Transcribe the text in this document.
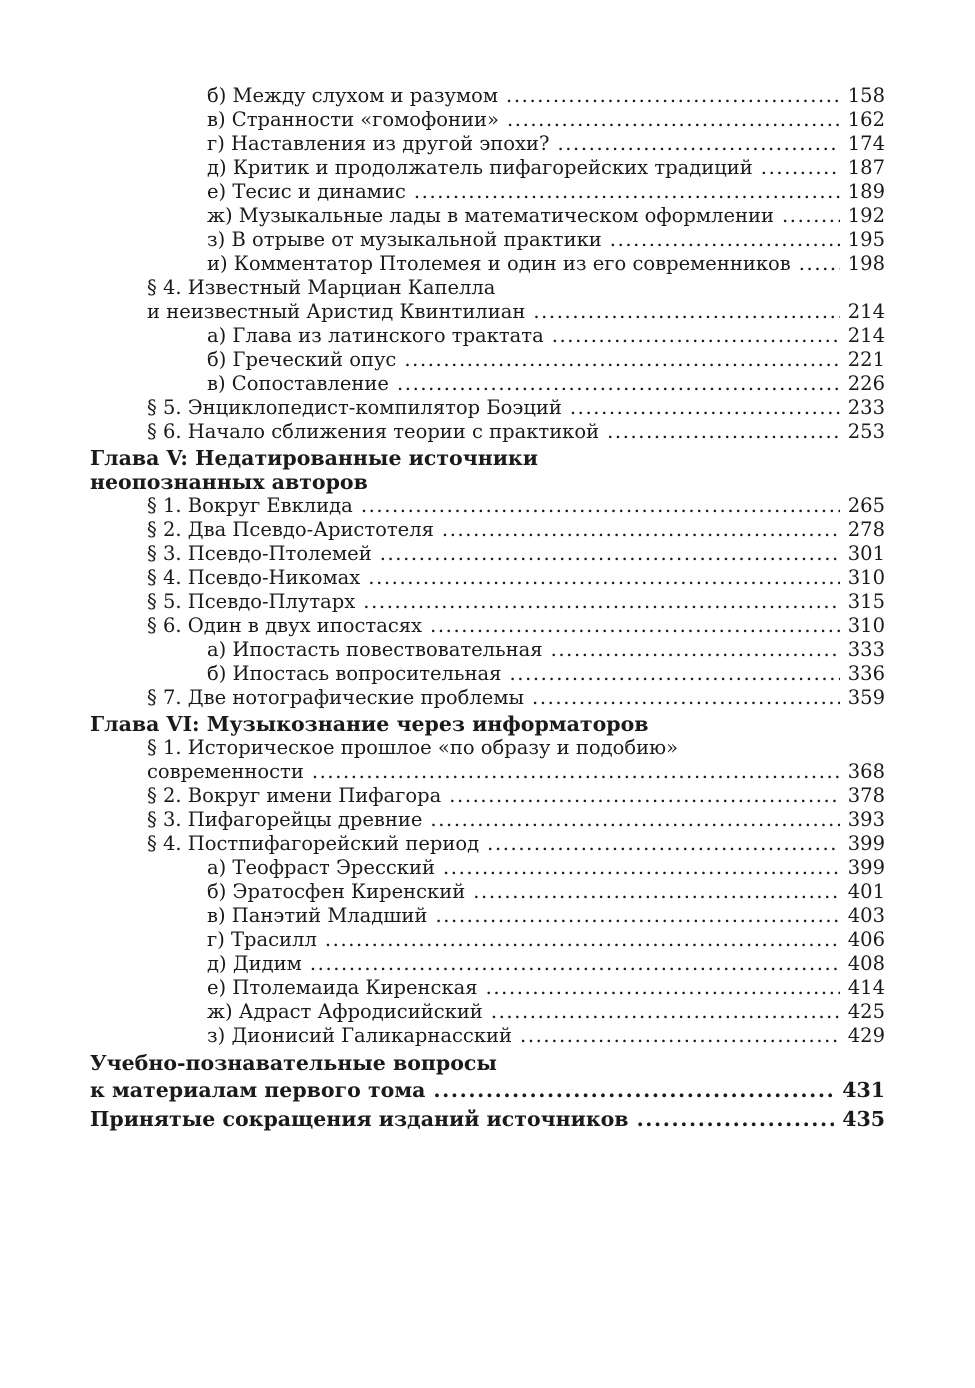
б) Между слухом и разумом .....	158
в) Странности «гомофонии» .....	162
г) Наставления из другой эпохи? .....	174
д) Критик и продолжатель пифагорейских традиций .....	187
е) Тесис и динамис .....	189
ж) Музыкальные лады в математическом оформлении .....	192
з) В отрыве от музыкальной практики .....	195
и) Комментатор Птолемея и один из его современников .....	198
§ 4. Известный Марциан Капелла
и неизвестный Аристид Квинтилиан .....	214
а) Глава из латинского трактата .....	214
б) Греческий опус .....	221
в) Сопоставление .....	226
§ 5. Энциклопедист-компилятор Боэций .....	233
§ 6. Начало сближения теории с практикой .....	253
Глава V: Недатированные источники
неопознанных авторов
§ 1. Вокруг Евклида .....	265
§ 2. Два Псевдо-Аристотеля .....	278
§ 3. Псевдо-Птолемей .....	301
§ 4. Псевдо-Никомах .....	310
§ 5. Псевдо-Плутарх .....	315
§ 6. Один в двух ипостасях .....	310
а) Ипостасть повествовательная .....	333
б) Ипостась вопросительная .....	336
§ 7. Две нотографические проблемы .....	359
Глава VI: Музыкознание через информаторов
§ 1. Историческое прошлое «по образу и подобию»
современности .....	368
§ 2. Вокруг имени Пифагора .....	378
§ 3. Пифагорейцы древние .....	393
§ 4. Постпифагорейский период .....	399
а) Теофраст Эресский .....	399
б) Эратосфен Киренский .....	401
в) Панэтий Младший .....	403
г) Трасилл .....	406
д) Дидим .....	408
е) Птолемаида Киренская .....	414
ж) Адраст Афродисийский .....	425
з) Дионисий Галикарнасский .....	429
Учебно-познавательные вопросы
к материалам первого тома .....	431
Принятые сокращения изданий источников .....	435
